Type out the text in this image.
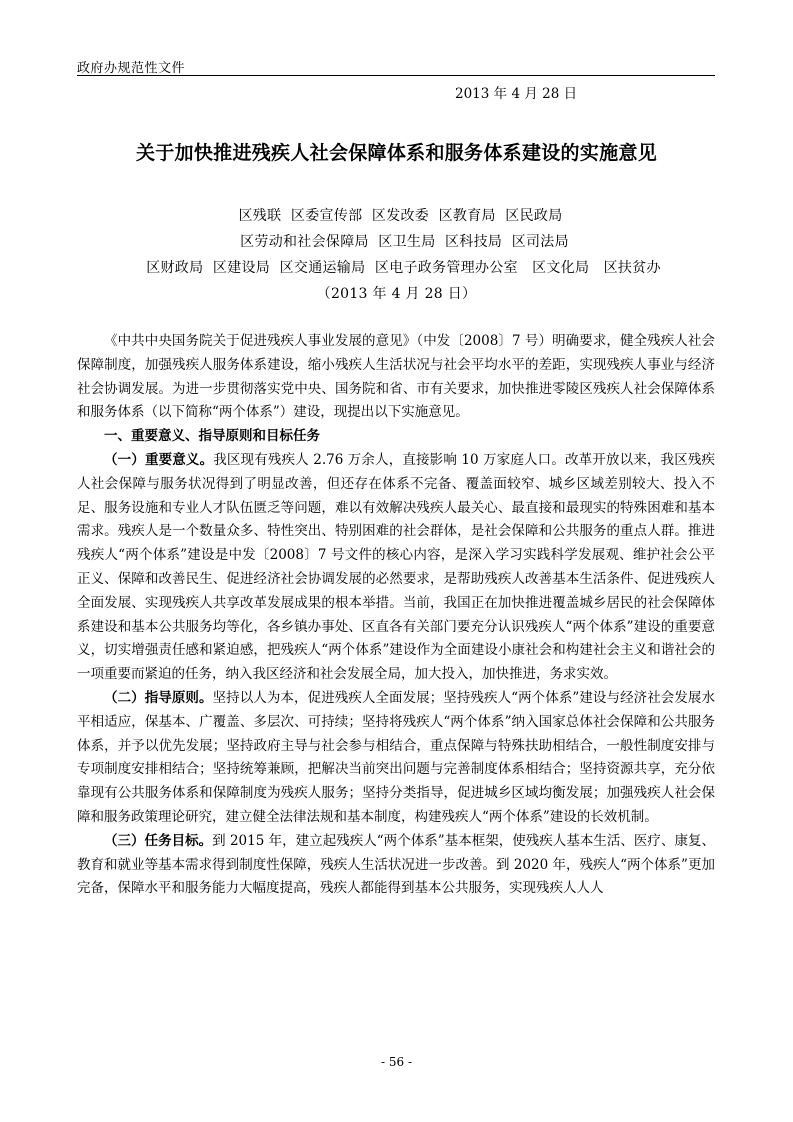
政府办规范性文件
2013 年 4 月 28 日
关于加快推进残疾人社会保障体系和服务体系建设的实施意见
区残联  区委宣传部  区发改委  区教育局  区民政局
区劳动和社会保障局  区卫生局  区科技局  区司法局
区财政局  区建设局  区交通运输局  区电子政务管理办公室   区文化局   区扶贫办
（2013 年 4 月 28 日）

《中共中央国务院关于促进残疾人事业发展的意见》（中发〔2008〕7 号）明确要求，健全残疾人社会保障制度，加强残疾人服务体系建设，缩小残疾人生活状况与社会平均水平的差距，实现残疾人事业与经济社会协调发展。为进一步贯彻落实党中央、国务院和省、市有关要求，加快推进零陵区残疾人社会保障体系和服务体系（以下简称“两个体系”）建设，现提出以下实施意见。

一、重要意义、指导原则和目标任务

（一）重要意义。我区现有残疾人 2.76 万余人，直接影响 10 万家庭人口。改革开放以来，我区残疾人社会保障与服务状况得到了明显改善，但还存在体系不完备、覆盖面较窄、城乡区域差别较大、投入不足、服务设施和专业人才队伍匮乏等问题，难以有效解决残疾人最关心、最直接和最现实的特殊困难和基本需求。残疾人是一个数量众多、特性突出、特别困难的社会群体，是社会保障和公共服务的重点人群。推进残疾人“两个体系”建设是中发〔2008〕7 号文件的核心内容，是深入学习实践科学发展观、维护社会公平正义、保障和改善民生、促进经济社会协调发展的必然要求，是帮助残疾人改善基本生活条件、促进残疾人全面发展、实现残疾人共享改革发展成果的根本举措。当前，我国正在加快推进覆盖城乡居民的社会保障体系建设和基本公共服务均等化，各乡镇办事处、区直各有关部门要充分认识残疾人“两个体系”建设的重要意义，切实增强责任感和紧迫感，把残疾人“两个体系”建设作为全面建设小康社会和构建社会主义和谐社会的一项重要而紧迫的任务，纳入我区经济和社会发展全局，加大投入，加快推进，务求实效。

（二）指导原则。坚持以人为本，促进残疾人全面发展；坚持残疾人“两个体系”建设与经济社会发展水平相适应，保基本、广覆盖、多层次、可持续；坚持将残疾人“两个体系”纳入国家总体社会保障和公共服务体系，并予以优先发展；坚持政府主导与社会参与相结合，重点保障与特殊扶助相结合，一般性制度安排与专项制度安排相结合；坚持统筹兼顾，把解决当前突出问题与完善制度体系相结合；坚持资源共享，充分依靠现有公共服务体系和保障制度为残疾人服务；坚持分类指导，促进城乡区域均衡发展；加强残疾人社会保障和服务政策理论研究，建立健全法律法规和基本制度，构建残疾人“两个体系”建设的长效机制。

（三）任务目标。到 2015 年，建立起残疾人“两个体系”基本框架，使残疾人基本生活、医疗、康复、教育和就业等基本需求得到制度性保障，残疾人生活状况进一步改善。到 2020 年，残疾人“两个体系”更加完备，保障水平和服务能力大幅度提高，残疾人都能得到基本公共服务，实现残疾人人人

- 56 -
